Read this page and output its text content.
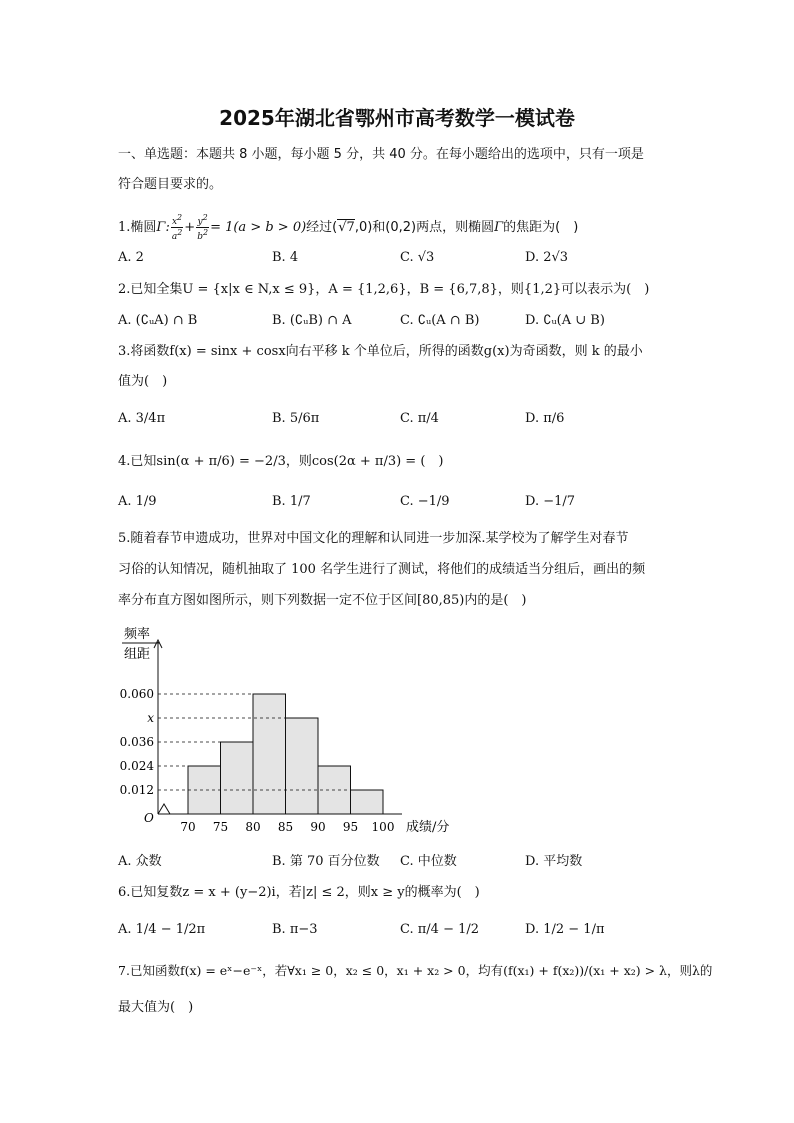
2025年湖北省鄂州市高考数学一模试卷
一、单选题：本题共 8 小题，每小题 5 分，共 40 分。在每小题给出的选项中，只有一项是
符合题目要求的。
1.椭圆Γ: $\frac{x^2}{a^2} + \frac{y^2}{b^2} = 1(a > b > 0)$经过(√7,0)和(0,2)两点，则椭圆Γ的焦距为(　)
A. 2	B. 4	C. √3	D. 2√3
2.已知全集U = {x|x ∈ N,x ≤ 9}，A = {1,2,6}，B = {6,7,8}，则{1,2}可以表示为(　)
A. (∁ᵤA) ∩ B	B. (∁ᵤB) ∩ A	C. ∁ᵤ(A ∩ B)	D. ∁ᵤ(A ∪ B)
3.将函数f(x) = sinx + cosx向右平移 k 个单位后，所得的函数g(x)为奇函数，则 k 的最小
值为(　)
A. 3/4π	B. 5/6π	C. π/4	D. π/6
4.已知sin(α + π/6) = −2/3，则cos(2α + π/3) = (　)
A. 1/9	B. 1/7	C. −1/9	D. −1/7
5.随着春节申遗成功，世界对中国文化的理解和认同进一步加深.某学校为了解学生对春节
习俗的认知情况，随机抽取了 100 名学生进行了测试，将他们的成绩适当分组后，画出的频
率分布直方图如图所示，则下列数据一定不位于区间[80,85)内的是(　)
0.060
x
0.036
0.024
0.012
70 75 80 85 90 95 100
O
频率
组距
成绩/分
A. 众数	B. 第 70 百分位数 C. 中位数	D. 平均数
6.已知复数z = x + (y−2)i，若|z| ≤ 2，则x ≥ y的概率为(　)
A. 1/4 − 1/2π	B. π−3	C. π/4 − 1/2	D. 1/2 − 1/π
7.已知函数f(x) = eˣ−e⁻ˣ，若∀x₁ ≥ 0，x₂ ≤ 0，x₁ + x₂ > 0，均有(f(x₁) + f(x₂))/(x₁ + x₂) > λ，则λ的
最大值为(　)
